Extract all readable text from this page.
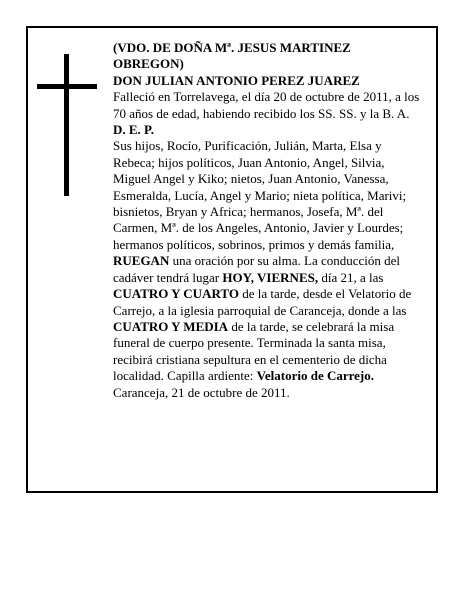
(VDO. DE DOÑA Mª. JESUS MARTINEZ OBREGON)

DON JULIAN ANTONIO PEREZ JUAREZ

Falleció en Torrelavega, el día 20 de octubre de 2011, a los 70 años de edad, habiendo recibido los SS. SS. y la B. A.

D. E. P.

Sus hijos, Rocío, Purificación, Julián, Marta, Elsa y Rebeca; hijos políticos, Juan Antonio, Angel, Silvia, Miguel Angel y Kiko; nietos, Juan Antonio, Vanessa, Esmeralda, Lucía, Angel y Mario; nieta política, Marivi; bisnietos, Bryan y Africa; hermanos, Josefa, Mª. del Carmen, Mª. de los Angeles, Antonio, Javier y Lourdes; hermanos políticos, sobrinos, primos y demás familia,

RUEGAN una oración por su alma. La conducción del cadáver tendrá lugar HOY, VIERNES, día 21, a las CUATRO Y CUARTO de la tarde, desde el Velatorio de Carrejo, a la iglesia parroquial de Caranceja, donde a las CUATRO Y MEDIA de la tarde, se celebrará la misa funeral de cuerpo presente. Terminada la santa misa, recibirá cristiana sepultura en el cementerio de dicha localidad. Capilla ardiente: Velatorio de Carrejo.

Caranceja, 21 de octubre de 2011.
